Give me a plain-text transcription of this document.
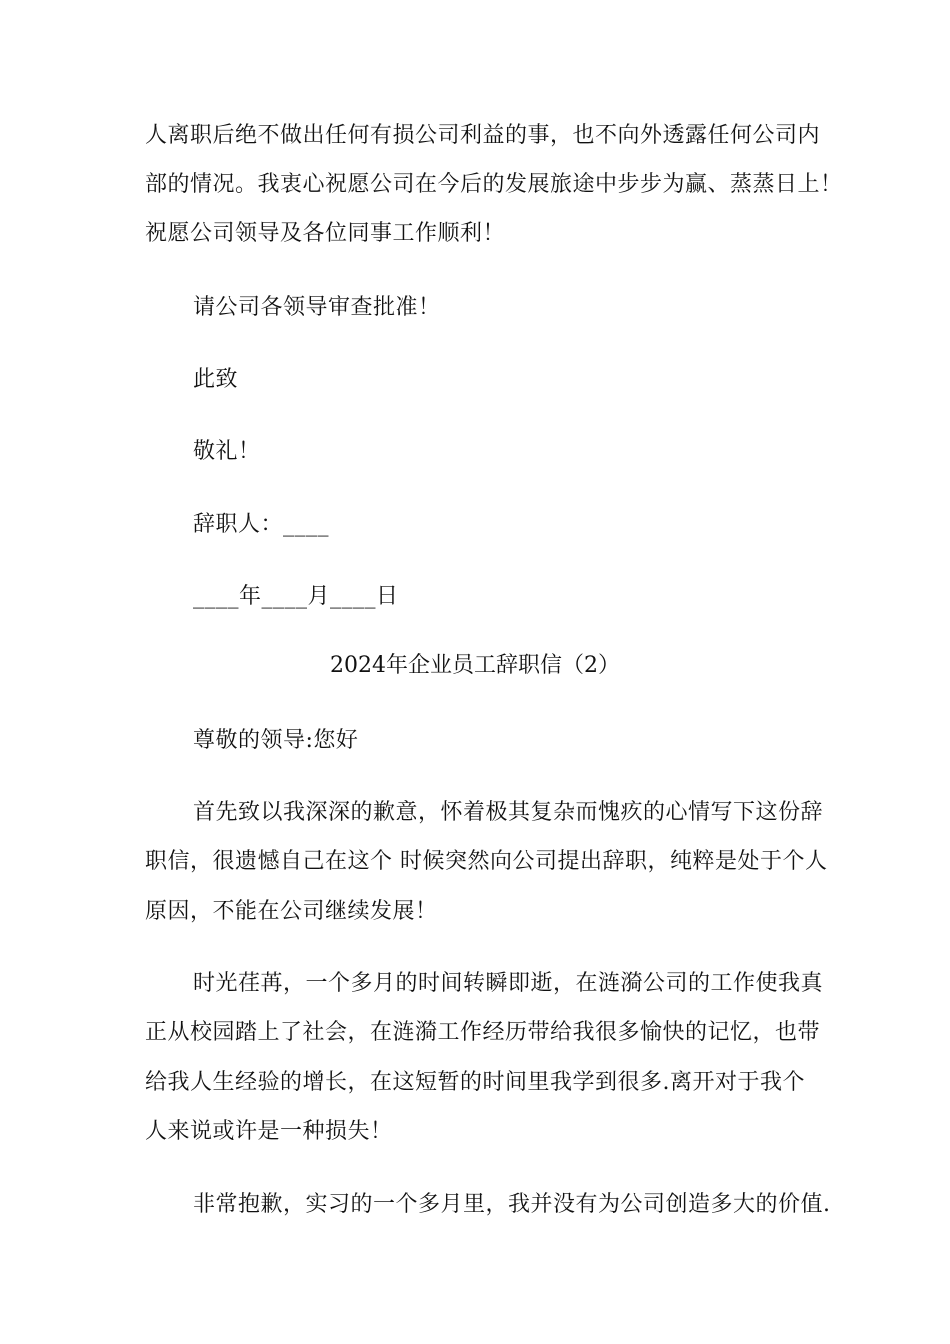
人离职后绝不做出任何有损公司利益的事，也不向外透露任何公司内
部的情况。我衷心祝愿公司在今后的发展旅途中步步为赢、蒸蒸日上！
祝愿公司领导及各位同事工作顺利！
请公司各领导审查批准！
此致
敬礼！
辞职人：____
____年____月____日
2024年企业员工辞职信（2）
尊敬的领导:您好
首先致以我深深的歉意，怀着极其复杂而愧疚的心情写下这份辞
职信，很遗憾自己在这个 时候突然向公司提出辞职，纯粹是处于个人
原因，不能在公司继续发展！
时光荏苒，一个多月的时间转瞬即逝，在涟漪公司的工作使我真
正从校园踏上了社会，在涟漪工作经历带给我很多愉快的记忆，也带
给我人生经验的增长，在这短暂的时间里我学到很多.离开对于我个
人来说或许是一种损失！
非常抱歉，实习的一个多月里，我并没有为公司创造多大的价值.
